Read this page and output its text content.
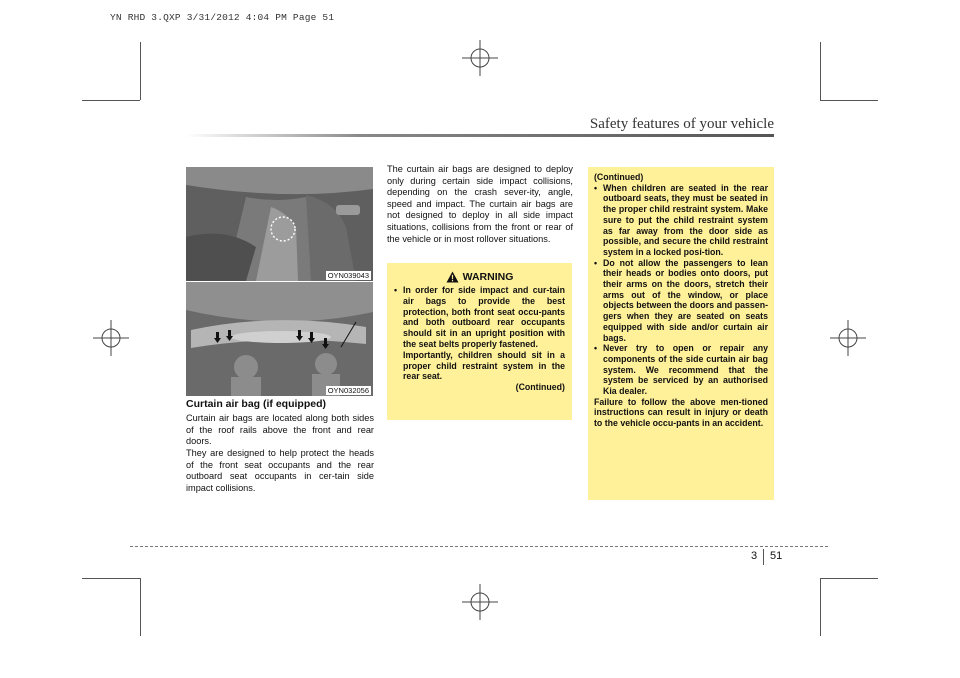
YN RHD 3.QXP 3/31/2012 4:04 PM Page 51
Safety features of your vehicle
OYN039043
OYN032056
Curtain air bag (if equipped)
Curtain air bags are located along both sides of the roof rails above the front and rear doors.
They are designed to help protect the heads of the front seat occupants and the rear outboard seat occupants in cer-tain side impact collisions.
The curtain air bags are designed to deploy only during certain side impact collisions, depending on the crash sever-ity, angle, speed and impact. The curtain air bags are not designed to deploy in all side impact situations, collisions from the front or rear of the vehicle or in most rollover situations.
WARNING
• In order for side impact and cur-tain air bags to provide the best protection, both front seat occu-pants and both outboard rear occupants should sit in an upright position with the seat belts properly fastened.
Importantly, children should sit in a proper child restraint system in the rear seat.
(Continued)
(Continued)
• When children are seated in the rear outboard seats, they must be seated in the proper child restraint system. Make sure to put the child restraint system as far away from the door side as possible, and secure the child restraint system in a locked posi-tion.
• Do not allow the passengers to lean their heads or bodies onto doors, put their arms on the doors, stretch their arms out of the window, or place objects between the doors and passen-gers when they are seated on seats equipped with side and/or curtain air bags.
• Never try to open or repair any components of the side curtain air bag system. We recommend that the system be serviced by an authorised Kia dealer.
Failure to follow the above men-tioned instructions can result in injury or death to the vehicle occu-pants in an accident.
3 51
